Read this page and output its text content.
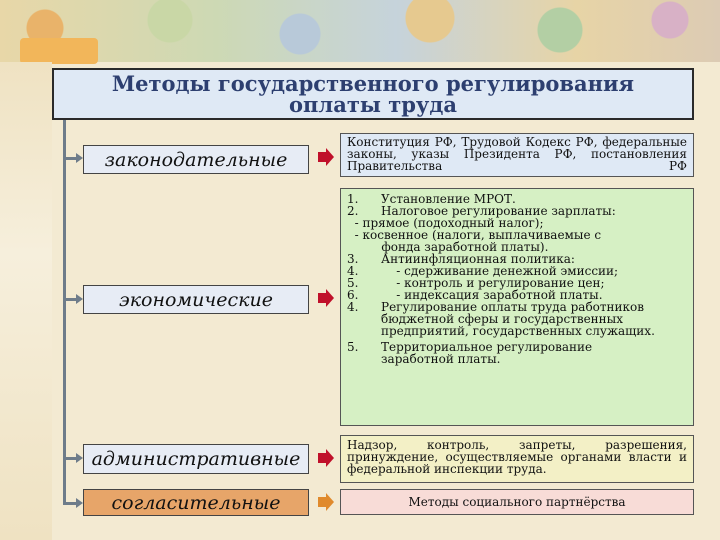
Методы государственного регулирования
оплаты труда
законодательные
экономические
административные
согласительные
Конституция РФ, Трудовой Кодекс РФ, федеральные законы, указы Президента РФ, постановления Правительства РФ
1. Установление МРОТ.
2. Налоговое регулирование зарплаты:
- прямое (подоходный налог);
- косвенное (налоги, выплачиваемые с
фонда заработной платы).
3. Антиинфляционная политика:
4.    - сдерживание денежной эмиссии;
5.    - контроль и регулирование цен;
6.    - индексация заработной платы.
4. Регулирование оплаты труда работников
бюджетной сферы и государственных
предприятий, государственных служащих.
5. Территориальное регулирование
заработной платы.
Надзор, контроль, запреты, разрешения, принуждение, осуществляемые органами власти и федеральной инспекции труда.
Методы социального партнёрства
